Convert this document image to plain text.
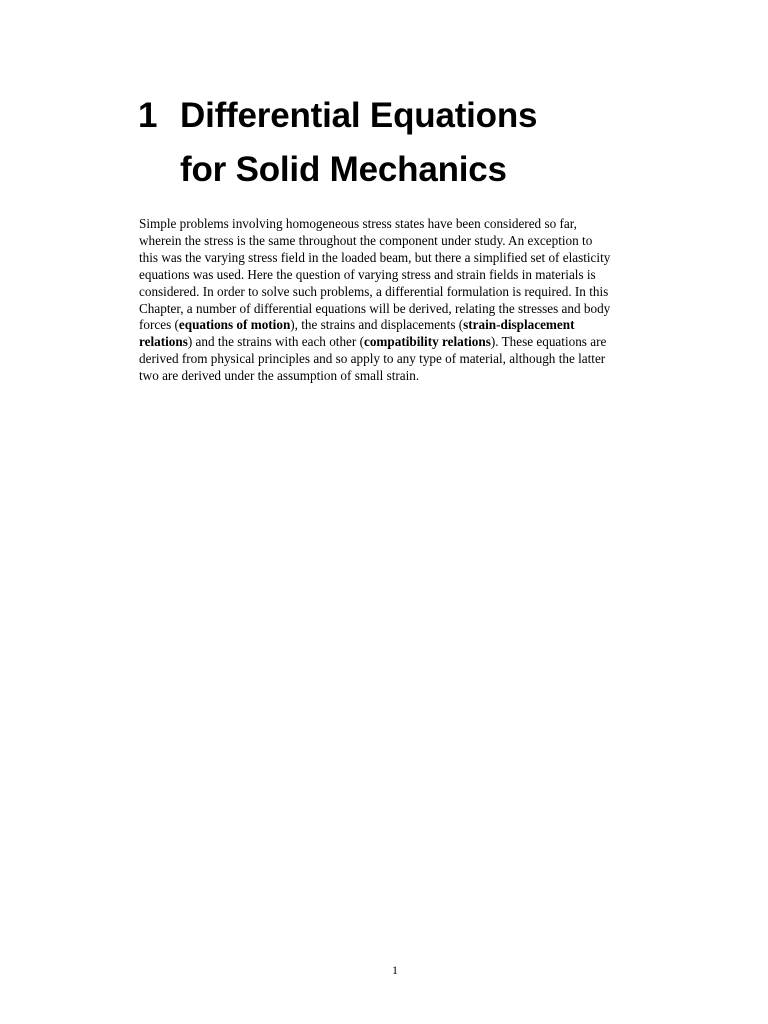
1 Differential Equations
for Solid Mechanics
Simple problems involving homogeneous stress states have been considered so far,
wherein the stress is the same throughout the component under study. An exception to
this was the varying stress field in the loaded beam, but there a simplified set of elasticity
equations was used. Here the question of varying stress and strain fields in materials is
considered. In order to solve such problems, a differential formulation is required. In this
Chapter, a number of differential equations will be derived, relating the stresses and body
forces (equations of motion), the strains and displacements (strain-displacement
relations) and the strains with each other (compatibility relations). These equations are
derived from physical principles and so apply to any type of material, although the latter
two are derived under the assumption of small strain.
1
